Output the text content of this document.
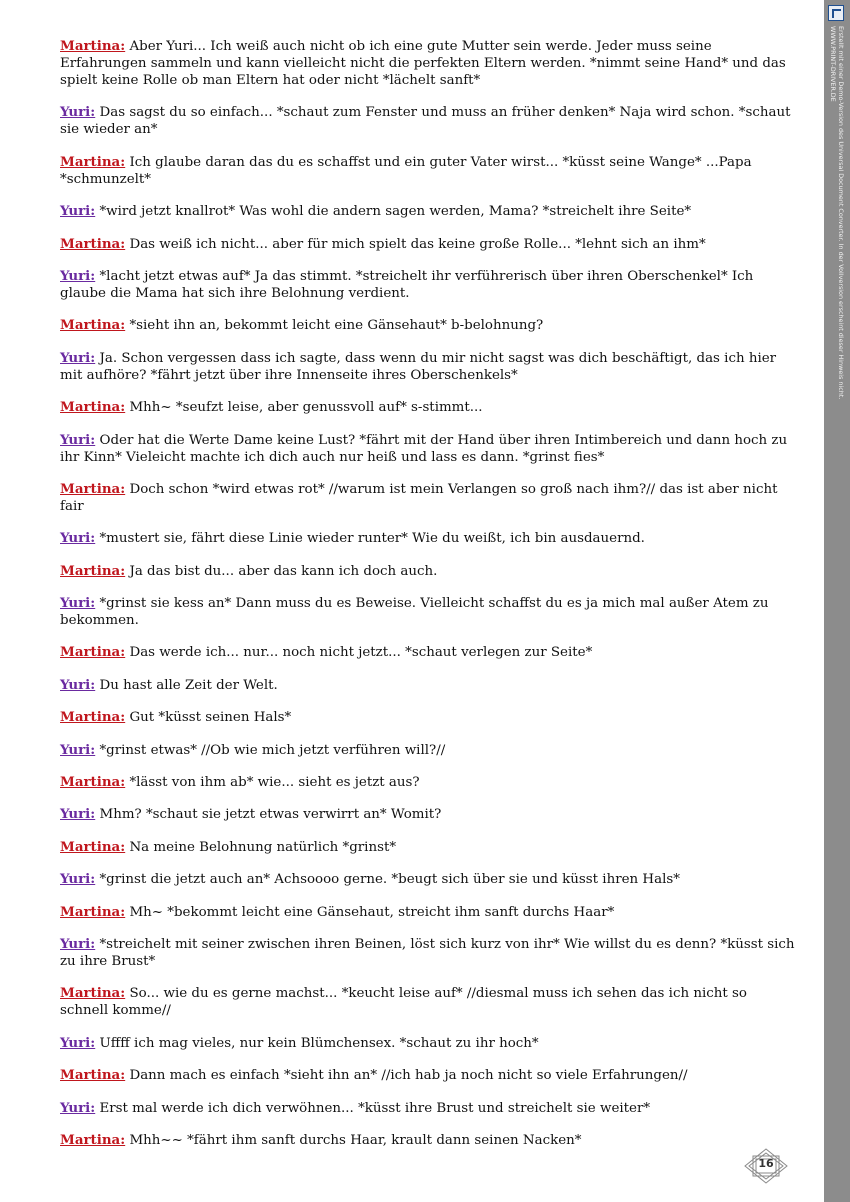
Martina: Aber Yuri... Ich weiß auch nicht ob ich eine gute Mutter sein werde. Jeder muss seine Erfahrungen sammeln und kann vielleicht nicht die perfekten Eltern werden. *nimmt seine Hand* und das spielt keine Rolle ob man Eltern hat oder nicht *lächelt sanft*

Yuri: Das sagst du so einfach... *schaut zum Fenster und muss an früher denken* Naja wird schon. *schaut sie wieder an*

Martina: Ich glaube daran das du es schaffst und ein guter Vater wirst... *küsst seine Wange* ...Papa *schmunzelt*

Yuri: *wird jetzt knallrot* Was wohl die andern sagen werden, Mama? *streichelt ihre Seite*

Martina: Das weiß ich nicht... aber für mich spielt das keine große Rolle... *lehnt sich an ihm*

Yuri: *lacht jetzt etwas auf* Ja das stimmt. *streichelt ihr verführerisch über ihren Oberschenkel* Ich glaube die Mama hat sich ihre Belohnung verdient.

Martina: *sieht ihn an, bekommt leicht eine Gänsehaut* b-belohnung?

Yuri: Ja. Schon vergessen dass ich sagte, dass wenn du mir nicht sagst was dich beschäftigt, das ich hier mit aufhöre? *fährt jetzt über ihre Innenseite ihres Oberschenkels*

Martina: Mhh~ *seufzt leise, aber genussvoll auf* s-stimmt...

Yuri: Oder hat die Werte Dame keine Lust? *fährt mit der Hand über ihren Intimbereich und dann hoch zu ihr Kinn* Vieleicht machte ich dich auch nur heiß und lass es dann. *grinst fies*

Martina: Doch schon *wird etwas rot* //warum ist mein Verlangen so groß nach ihm?// das ist aber nicht fair

Yuri: *mustert sie, fährt diese Linie wieder runter* Wie du weißt, ich bin ausdauernd.

Martina: Ja das bist du... aber das kann ich doch auch.

Yuri: *grinst sie kess an* Dann muss du es Beweise. Vielleicht schaffst du es ja mich mal außer Atem zu bekommen.

Martina: Das werde ich... nur... noch nicht jetzt... *schaut verlegen zur Seite*

Yuri: Du hast alle Zeit der Welt.

Martina: Gut *küsst seinen Hals*

Yuri: *grinst etwas* //Ob wie mich jetzt verführen will?//

Martina: *lässt von ihm ab* wie... sieht es jetzt aus?

Yuri: Mhm? *schaut sie jetzt etwas verwirrt an* Womit?

Martina: Na meine Belohnung natürlich *grinst*

Yuri: *grinst die jetzt auch an* Achsoooo gerne. *beugt sich über sie und küsst ihren Hals*

Martina: Mh~ *bekommt leicht eine Gänsehaut, streicht ihm sanft durchs Haar*

Yuri: *streichelt mit seiner zwischen ihren Beinen, löst sich kurz von ihr* Wie willst du es denn? *küsst sich zu ihre Brust*

Martina: So... wie du es gerne machst... *keucht leise auf* //diesmal muss ich sehen das ich nicht so schnell komme//

Yuri: Uffff ich mag vieles, nur kein Blümchensex. *schaut zu ihr hoch*

Martina: Dann mach es einfach *sieht ihn an* //ich hab ja noch nicht so viele Erfahrungen//

Yuri: Erst mal werde ich dich verwöhnen... *küsst ihre Brust und streichelt sie weiter*

Martina: Mhh~~ *fährt ihm sanft durchs Haar, krault dann seinen Nacken*

Erstellt mit einer Demo-Version des Universal Document Converter. In der Vollversion erscheint dieser Hinweis nicht.
WWW.PRINT-DRIVER.DE
16
